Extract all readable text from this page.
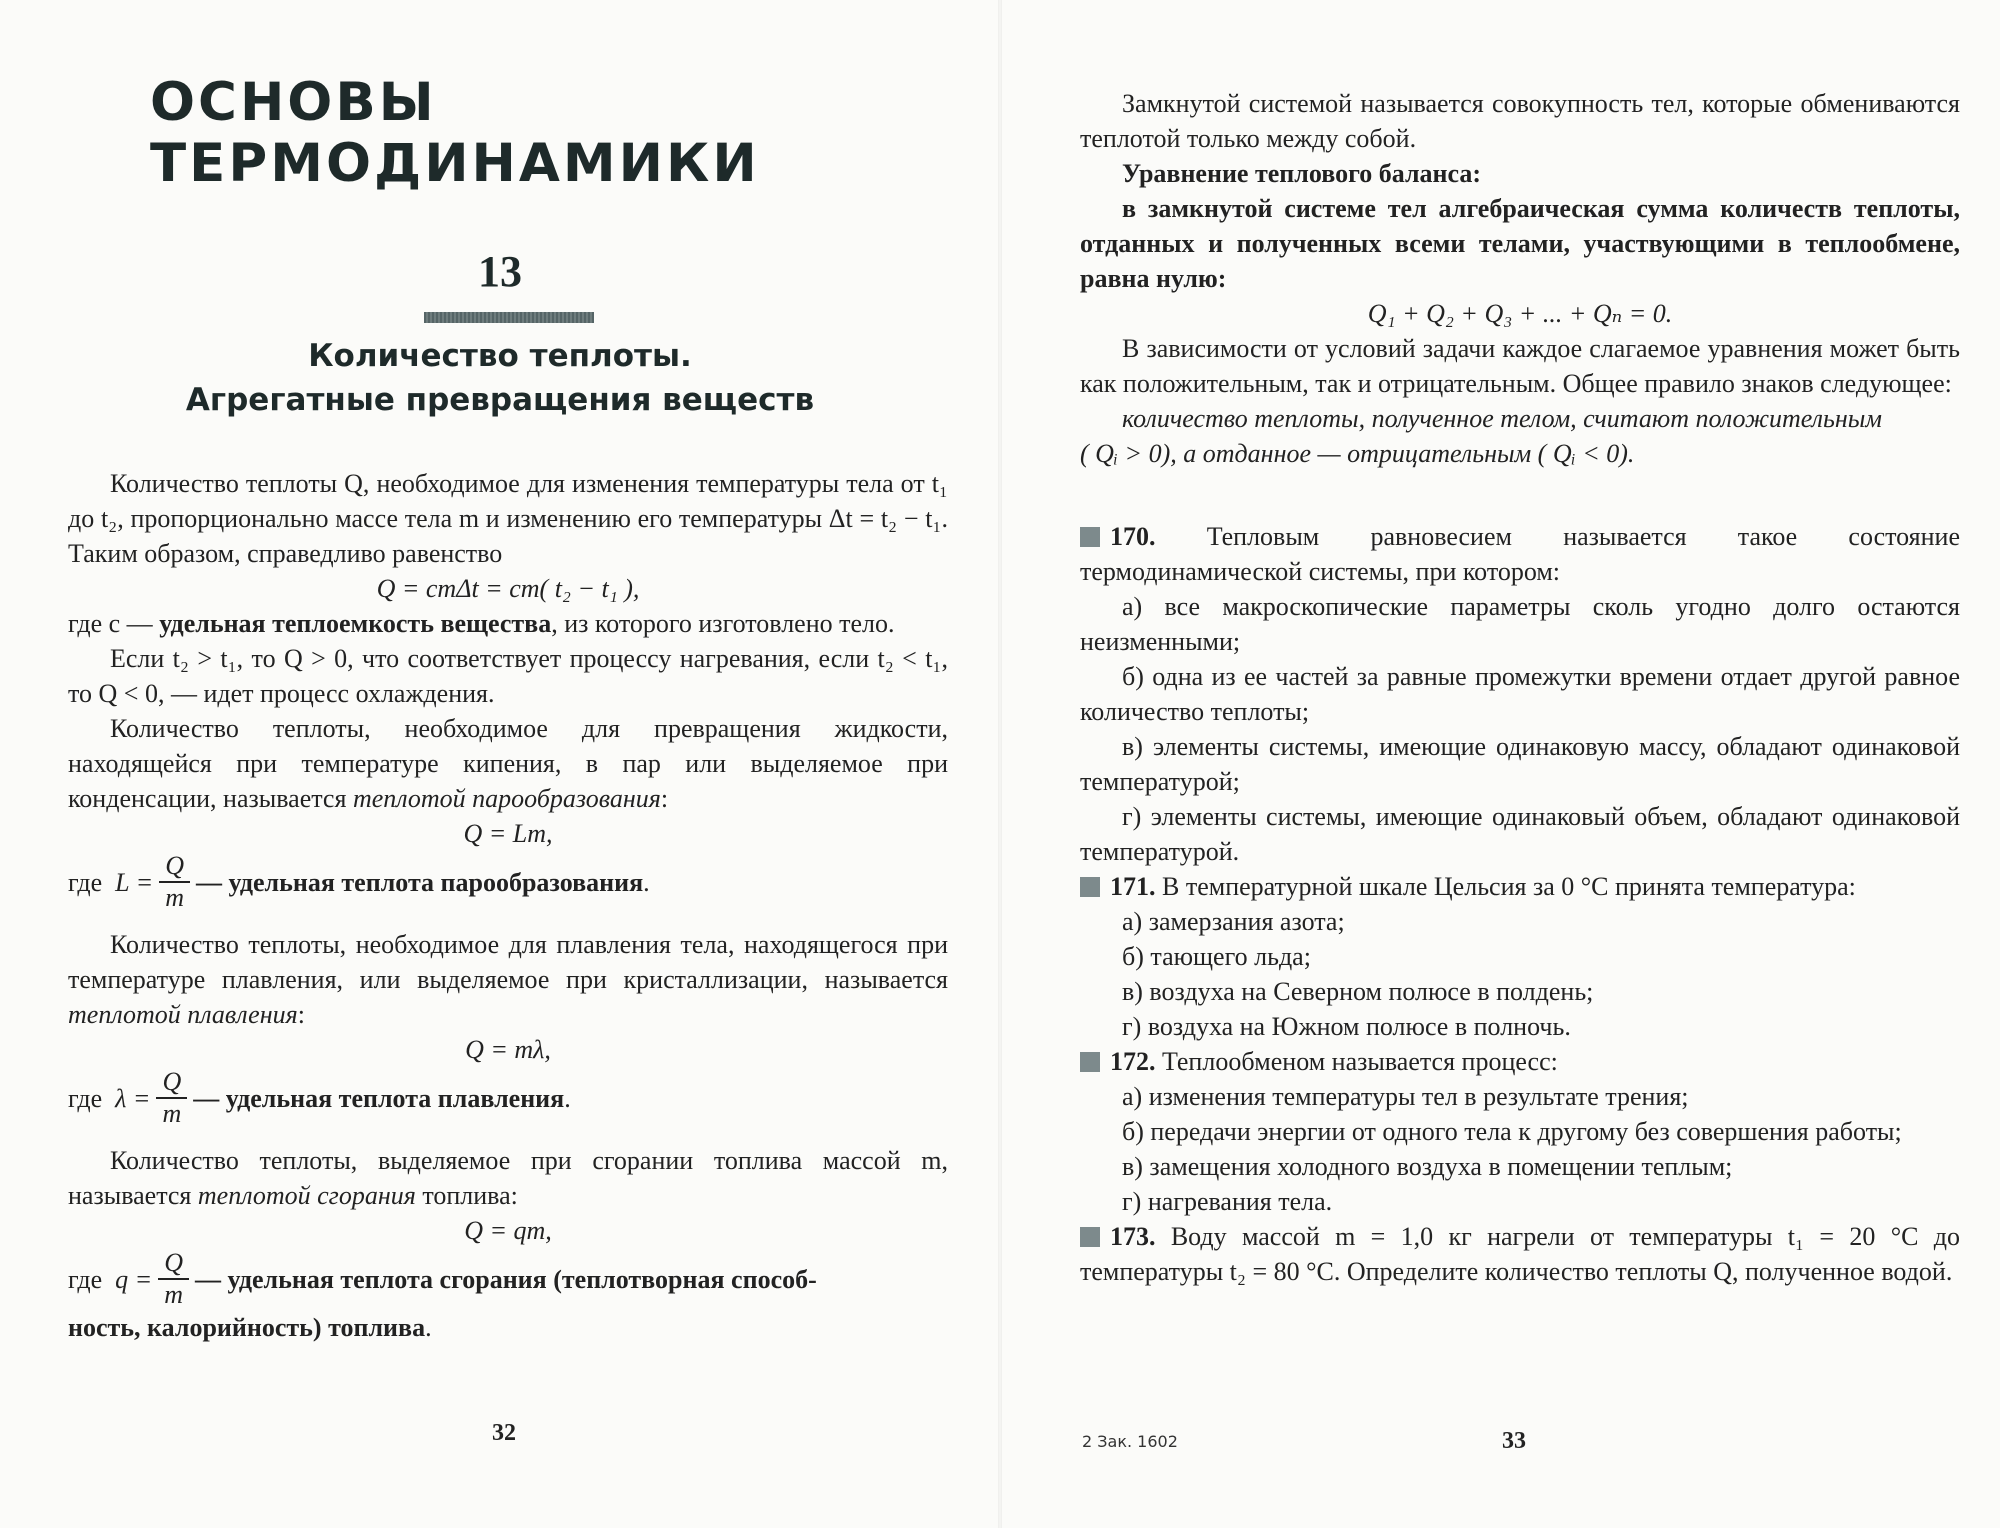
ОСНОВЫ ТЕРМОДИНАМИКИ
13
Количество теплоты.
Агрегатные превращения веществ

Количество теплоты Q, необходимое для изменения температуры тела от t₁ до t₂, пропорционально массе тела m и изменению его температуры Δt = t₂ − t₁. Таким образом, справедливо равенство

Q = cmΔt = cm( t₂ − t₁ ),

где c — удельная теплоемкость вещества, из которого изготовлено тело.

Если t₂ > t₁, то Q > 0, что соответствует процессу нагревания, если t₂ < t₁, то Q < 0, — идет процесс охлаждения.

Количество теплоты, необходимое для превращения жидкости, находящейся при температуре кипения, в пар или выделяемое при конденсации, называется теплотой парообразования:

Q = Lm,

где
$L = \frac{Q}{m}$ — удельная теплота парообразования .

Количество теплоты, необходимое для плавления тела, находящегося при температуре плавления, или выделяемое при кристаллизации, называется теплотой плавления:

Q = mλ,

где
$\lambda = \frac{Q}{m}$ — удельная теплота плавления .

Количество теплоты, выделяемое при сгорании топлива массой m, называется теплотой сгорания топлива:

Q = qm,

где
$q = \frac{Q}{m}$ — удельная теплота сгорания (теплотворная способ-

ность, калорийность) топлива.

32

Замкнутой системой называется совокупность тел, которые обмениваются теплотой только между собой.

Уравнение теплового баланса:

в замкнутой системе тел алгебраическая сумма количеств теплоты, отданных и полученных всеми телами, участвующими в теплообмене, равна нулю:

Q₁ + Q₂ + Q₃ + ... + Qₙ = 0.

В зависимости от условий задачи каждое слагаемое уравнения может быть как положительным, так и отрицательным. Общее правило знаков следующее:

количество теплоты, полученное телом, считают положительным

( Qᵢ > 0), а отданное — отрицательным ( Qᵢ < 0).

170. Тепловым равновесием называется такое состояние термодинамической системы, при котором:

а) все макроскопические параметры сколь угодно долго остаются неизменными;

б) одна из ее частей за равные промежутки времени отдает другой равное количество теплоты;

в) элементы системы, имеющие одинаковую массу, обладают одинаковой температурой;

г) элементы системы, имеющие одинаковый объем, обладают одинаковой температурой.

171. В температурной шкале Цельсия за 0 °С принята температура:

а) замерзания азота;

б) тающего льда;

в) воздуха на Северном полюсе в полдень;

г) воздуха на Южном полюсе в полночь.

172. Теплообменом называется процесс:

а) изменения температуры тел в результате трения;

б) передачи энергии от одного тела к другому без совершения работы;

в) замещения холодного воздуха в помещении теплым;

г) нагревания тела.

173. Воду массой m = 1,0 кг нагрели от температуры t₁ = 20 °С до температуры t₂ = 80 °С. Определите количество теплоты Q, полученное водой.

2 Зак. 1602	33
